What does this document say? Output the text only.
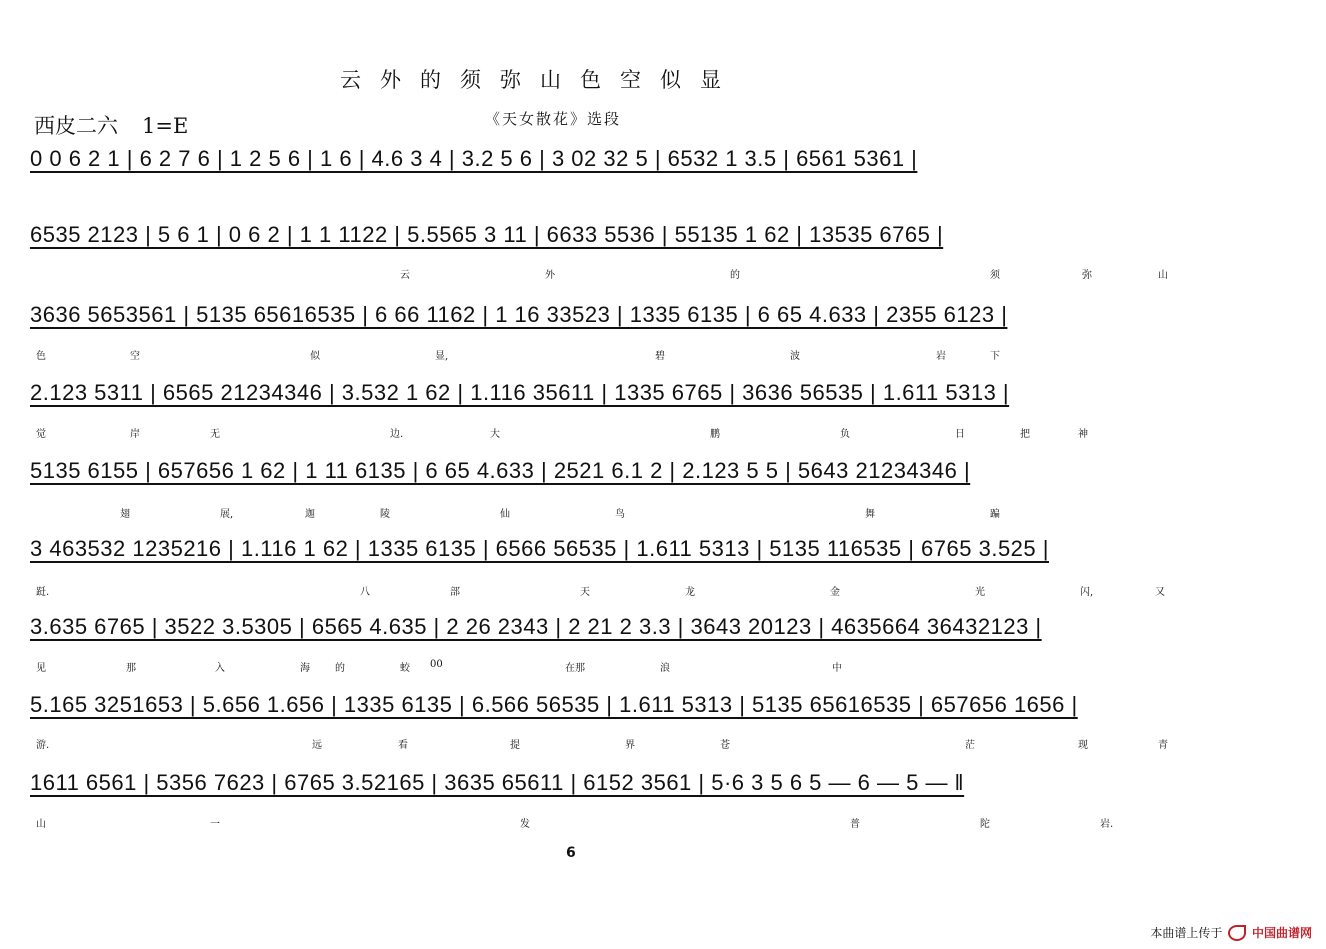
云外的须弥山色空似显
西皮二六 1=E	《天女散花》选段
0 0 6 2 1 | 6 2 7 6 | 1 2 5 6 | 1 6 | 4.6 3 4 | 3.2 5 6 | 3 02 32 5 | 6532 1 3.5 | 6561 5361 |
6535 2123 | 5 6 1 | 0 6 2 | 1 1 1122 | 5.5565 3 11 | 6633 5536 | 55135 1 62 | 13535 6765 |
云	外	的	须	弥	山
3636 5653561 | 5135 65616535 | 6 66 1162 | 1 16 33523 | 1335 6135 | 6 65 4.633 | 2355 6123 |
色	空	似	显,	碧	波	岩	下
2.123 5311 | 6565 21234346 | 3.532 1 62 | 1.116 35611 | 1335 6765 | 3636 56535 | 1.611 5313 |
觉	岸	无	边.	大	鹏	负	日	把	神
5135 6155 | 657656 1 62 | 1 11 6135 | 6 65 4.633 | 2521 6.1 2 | 2.123 5 5 | 5643 21234346 |
翅	展,	迦	陵	仙	鸟	舞	蹁
3 463532 1235216 | 1.116 1 62 | 1335 6135 | 6566 56535 | 1.611 5313 | 5135 116535 | 6765 3.525 |
跹.	八	部	天	龙	金	光	闪,	又
3.635 6765 | 3522 3.5305 | 6565 4.635 | 2 26 2343 | 2 21 2 3.3 | 3643 20123 | 4635664 36432123 |
见	那	入	海	的	蛟 00	在那	浪	中
5.165 3251653 | 5.656 1.656 | 1335 6135 | 6.566 56535 | 1.611 5313 | 5135 65616535 | 657656 1656 |
游.	远	看	提	界	苍	茫	现	青
1611 6561 | 5356 7623 | 6765 3.52165 | 3635 65611 | 6152 3561 | 5·6 3 5 6 5 — 6 — 5 — ‖
山	一	发	普	陀	岩.
6
本曲谱上传于 中国曲谱网
